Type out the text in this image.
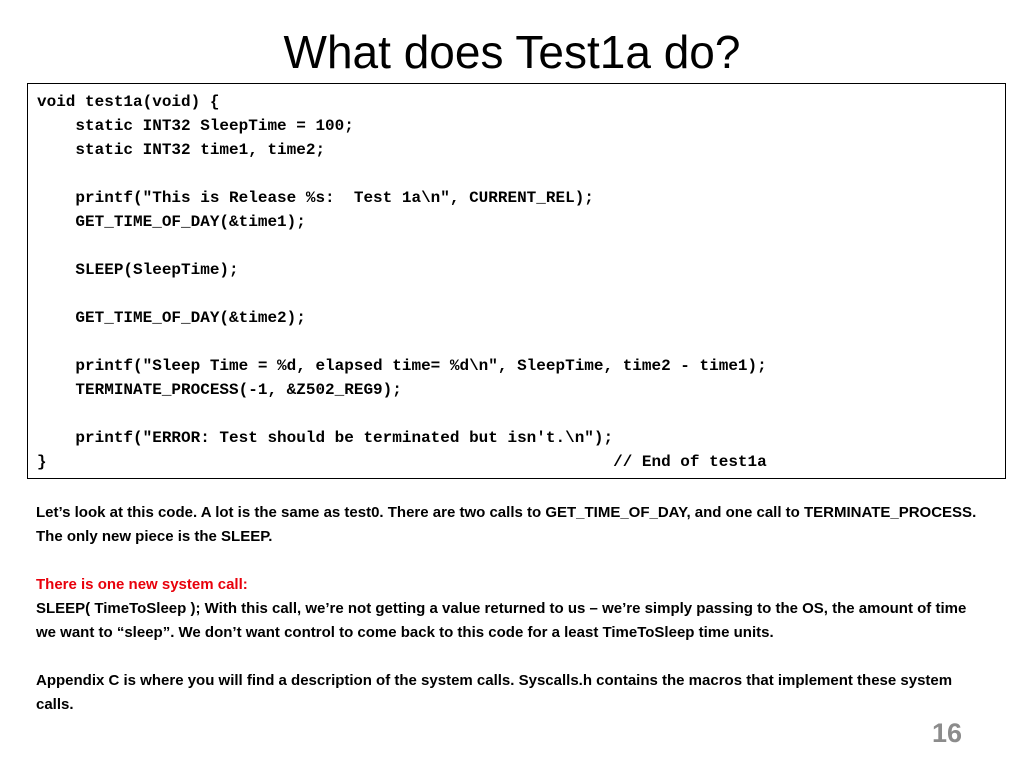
What does Test1a do?
void test1a(void) {
static INT32 SleepTime = 100;
static INT32 time1, time2;
printf("This is Release %s:  Test 1a\n", CURRENT_REL);
GET_TIME_OF_DAY(&time1);
SLEEP(SleepTime);
GET_TIME_OF_DAY(&time2);
printf("Sleep Time = %d, elapsed time= %d\n", SleepTime, time2 - time1);
TERMINATE_PROCESS(-1, &Z502_REG9);
printf("ERROR: Test should be terminated but isn't.\n");
}                                                           // End of test1a

Let’s look at this code. A lot is the same as test0. There are two calls to GET_TIME_OF_DAY, and one call to TERMINATE_PROCESS. The only new piece is the SLEEP.

There is one new system call:

SLEEP( TimeToSleep ); With this call, we’re not getting a value returned to us – we’re simply passing to the OS, the amount of time we want to “sleep”. We don’t want control to come back to this code for a least TimeToSleep time units.

Appendix C is where you will find a description of the system calls. Syscalls.h contains the macros that implement these system calls.

16
